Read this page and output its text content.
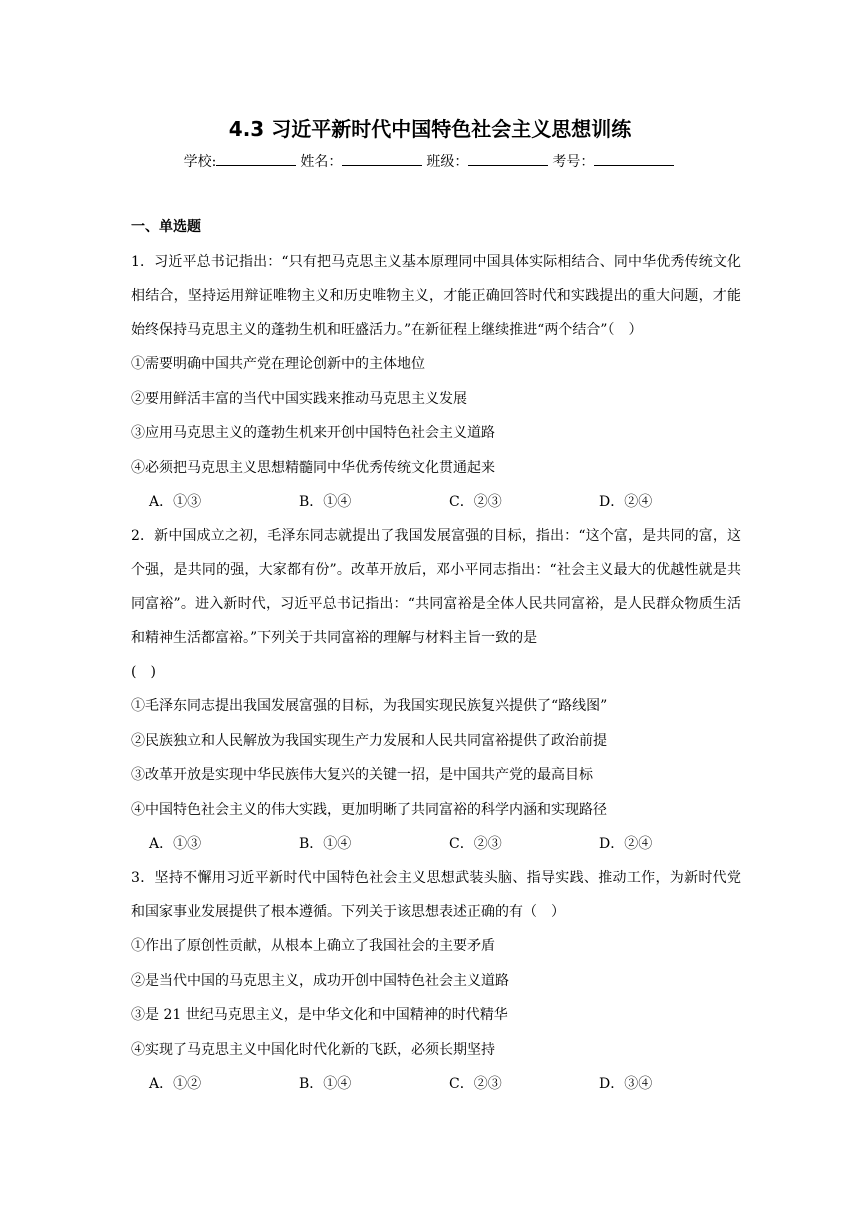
4.3 习近平新时代中国特色社会主义思想训练
学校:	姓名：	班级：	考号：
一、单选题

1．习近平总书记指出：“只有把马克思主义基本原理同中国具体实际相结合、同中华优秀传统文化相结合，坚持运用辩证唯物主义和历史唯物主义，才能正确回答时代和实践提出的重大问题，才能始终保持马克思主义的蓬勃生机和旺盛活力。”在新征程上继续推进“两个结合”（　）

①需要明确中国共产党在理论创新中的主体地位

②要用鲜活丰富的当代中国实践来推动马克思主义发展

③应用马克思主义的蓬勃生机来开创中国特色社会主义道路

④必须把马克思主义思想精髓同中华优秀传统文化贯通起来

A．①③	B．①④	C．②③	D．②④

2．新中国成立之初，毛泽东同志就提出了我国发展富强的目标，指出：“这个富，是共同的富，这个强，是共同的强，大家都有份”。改革开放后，邓小平同志指出：“社会主义最大的优越性就是共同富裕”。进入新时代，习近平总书记指出：“共同富裕是全体人民共同富裕，是人民群众物质生活和精神生活都富裕。”下列关于共同富裕的理解与材料主旨一致的是

(　)

①毛泽东同志提出我国发展富强的目标，为我国实现民族复兴提供了“路线图”

②民族独立和人民解放为我国实现生产力发展和人民共同富裕提供了政治前提

③改革开放是实现中华民族伟大复兴的关键一招，是中国共产党的最高目标

④中国特色社会主义的伟大实践，更加明晰了共同富裕的科学内涵和实现路径

A．①③	B．①④	C．②③	D．②④

3．坚持不懈用习近平新时代中国特色社会主义思想武装头脑、指导实践、推动工作，为新时代党和国家事业发展提供了根本遵循。下列关于该思想表述正确的有（　）

①作出了原创性贡献，从根本上确立了我国社会的主要矛盾

②是当代中国的马克思主义，成功开创中国特色社会主义道路

③是 21 世纪马克思主义，是中华文化和中国精神的时代精华

④实现了马克思主义中国化时代化新的飞跃，必须长期坚持

A．①②	B．①④	C．②③	D．③④
